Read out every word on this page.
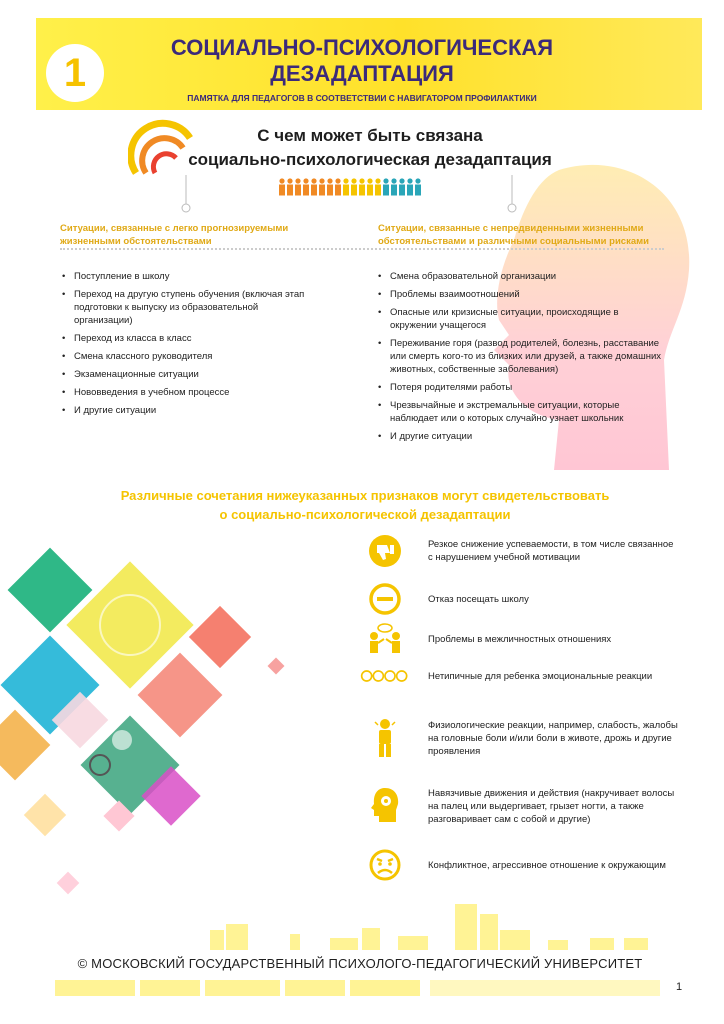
1
СОЦИАЛЬНО-ПСИХОЛОГИЧЕСКАЯ
ДЕЗАДАПТАЦИЯ
ПАМЯТКА ДЛЯ ПЕДАГОГОВ В СООТВЕТСТВИИ С НАВИГАТОРОМ ПРОФИЛАКТИКИ
С чем может быть связана
социально-психологическая дезадаптация
Ситуации, связанные с легко прогнозируемыми жизненными обстоятельствами
Ситуации, связанные с непредвиденными жизненными обстоятельствами и различными социальными рисками
• Поступление в школу
• Переход на другую ступень обучения (включая этап подготовки к выпуску из образовательной организации)
• Переход из класса в класс
• Смена классного руководителя
• Экзаменационные ситуации
• Нововведения в учебном процессе
• И другие ситуации
• Смена образовательной организации
• Проблемы взаимоотношений
• Опасные или кризисные ситуации, происходящие в окружении учащегося
• Переживание горя (развод родителей, болезнь, расставание или смерть кого-то из близких или друзей, а также домашних животных, собственные заболевания)
• Потеря родителями работы
• Чрезвычайные и экстремальные ситуации, которые наблюдает или о которых случайно узнает школьник
• И другие ситуации
Различные сочетания нижеуказанных признаков могут свидетельствовать
о социально-психологической дезадаптации
Резкое снижение успеваемости, в том числе связанное с нарушением учебной мотивации
Отказ посещать школу
Проблемы в межличностных отношениях
Нетипичные для ребенка эмоциональные реакции
Физиологические реакции, например, слабость, жалобы на головные боли и/или боли в животе, дрожь и другие проявления
Навязчивые движения и действия (накручивает волосы на палец или выдергивает, грызет ногти, а также разговаривает сам с собой и другие)
Конфликтное, агрессивное отношение к окружающим
© МОСКОВСКИЙ ГОСУДАРСТВЕННЫЙ ПСИХОЛОГО-ПЕДАГОГИЧЕСКИЙ УНИВЕРСИТЕТ
1
